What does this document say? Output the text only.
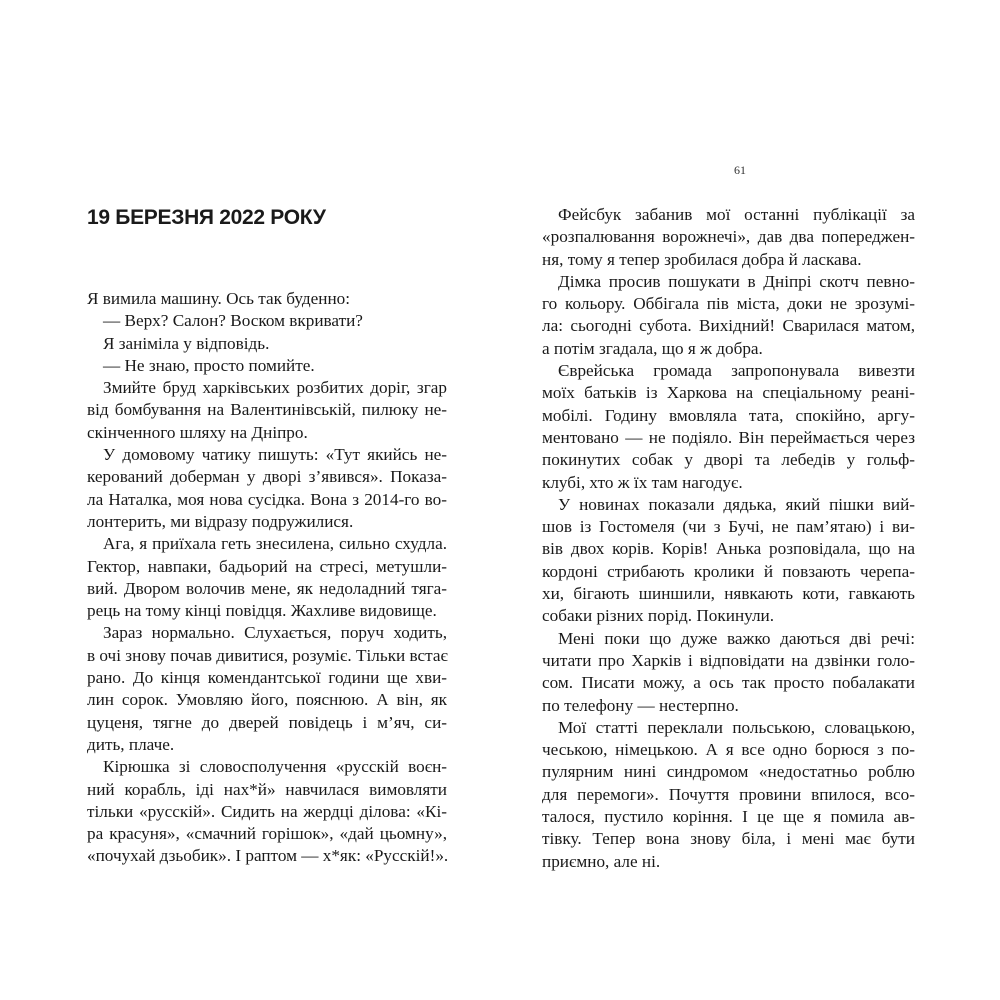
19 БЕРЕЗНЯ 2022 РОКУ
61
Я вимила машину. Ось так буденно:
— Верх? Салон? Воском вкривати?
Я заніміла у відповідь.
— Не знаю, просто помийте.
Змийте бруд харківських розбитих доріг, згар
від бомбування на Валентинівській, пилюку не-
скінченного шляху на Дніпро.
У домовому чатику пишуть: «Тут якийсь не-
керований доберман у дворі з’явився». Показа-
ла Наталка, моя нова сусідка. Вона з 2014-го во-
лонтерить, ми відразу подружилися.
Ага, я приїхала геть знесилена, сильно схудла.
Гектор, навпаки, бадьорий на стресі, метушли-
вий. Двором волочив мене, як недоладний тягa-
рець на тому кінці повідця. Жахливе видовище.
Зараз нормально. Слухається, поруч ходить,
в очі знову почав дивитися, розуміє. Тільки встає
рано. До кінця комендантської години ще хви-
лин сорок. Умовляю його, пояснюю. А він, як
цуценя, тягне до дверей повідець і м’яч, си-
дить, плаче.
Кірюшка зі словосполучення «русскій воєн-
ний корабль, іді нах*й» навчилася вимовляти
тільки «русскій». Сидить на жердці ділова: «Кі-
ра красуня», «смачний горішок», «дай цьомну»,
«почухай дзьобик». І раптом — х*як: «Русскій!».
Фейсбук забанив мої останні публікації за
«розпалювання ворожнечі», дав два попереджен-
ня, тому я тепер зробилася добра й ласкава.
Дімка просив пошукати в Дніпрі скотч певно-
го кольору. Оббігала пів міста, доки не зрозумі-
ла: сьогодні субота. Вихідний! Сварилася матом,
а потім згадала, що я ж добра.
Єврейська громада запропонувала вивезти
моїх батьків із Харкова на спеціальному реані-
мобілі. Годину вмовляла тата, спокійно, аргу-
ментовано — не подіяло. Він переймається через
покинутих собак у дворі та лебедів у гольф-
клубі, хто ж їх там нагодує.
У новинах показали дядька, який пішки вий-
шов із Гостомеля (чи з Бучі, не пам’ятаю) і ви-
вів двох корів. Корів! Анька розповідала, що на
кордоні стрибають кролики й повзають черепа-
хи, бігають шиншили, нявкають коти, гавкають
собаки різних порід. Покинули.
Мені поки що дуже важко даються дві речі:
читати про Харків і відповідати на дзвінки голо-
сом. Писати можу, а ось так просто побалакати
по телефону — нестерпно.
Мої статті переклали польською, словацькою,
чеською, німецькою. А я все одно борюся з по-
пулярним нині синдромом «недостатньо роблю
для перемоги». Почуття провини впилося, вco-
талося, пустило коріння. І це ще я помила ав-
тівку. Тепер вона знову біла, і мені має бути
приємно, але ні.
